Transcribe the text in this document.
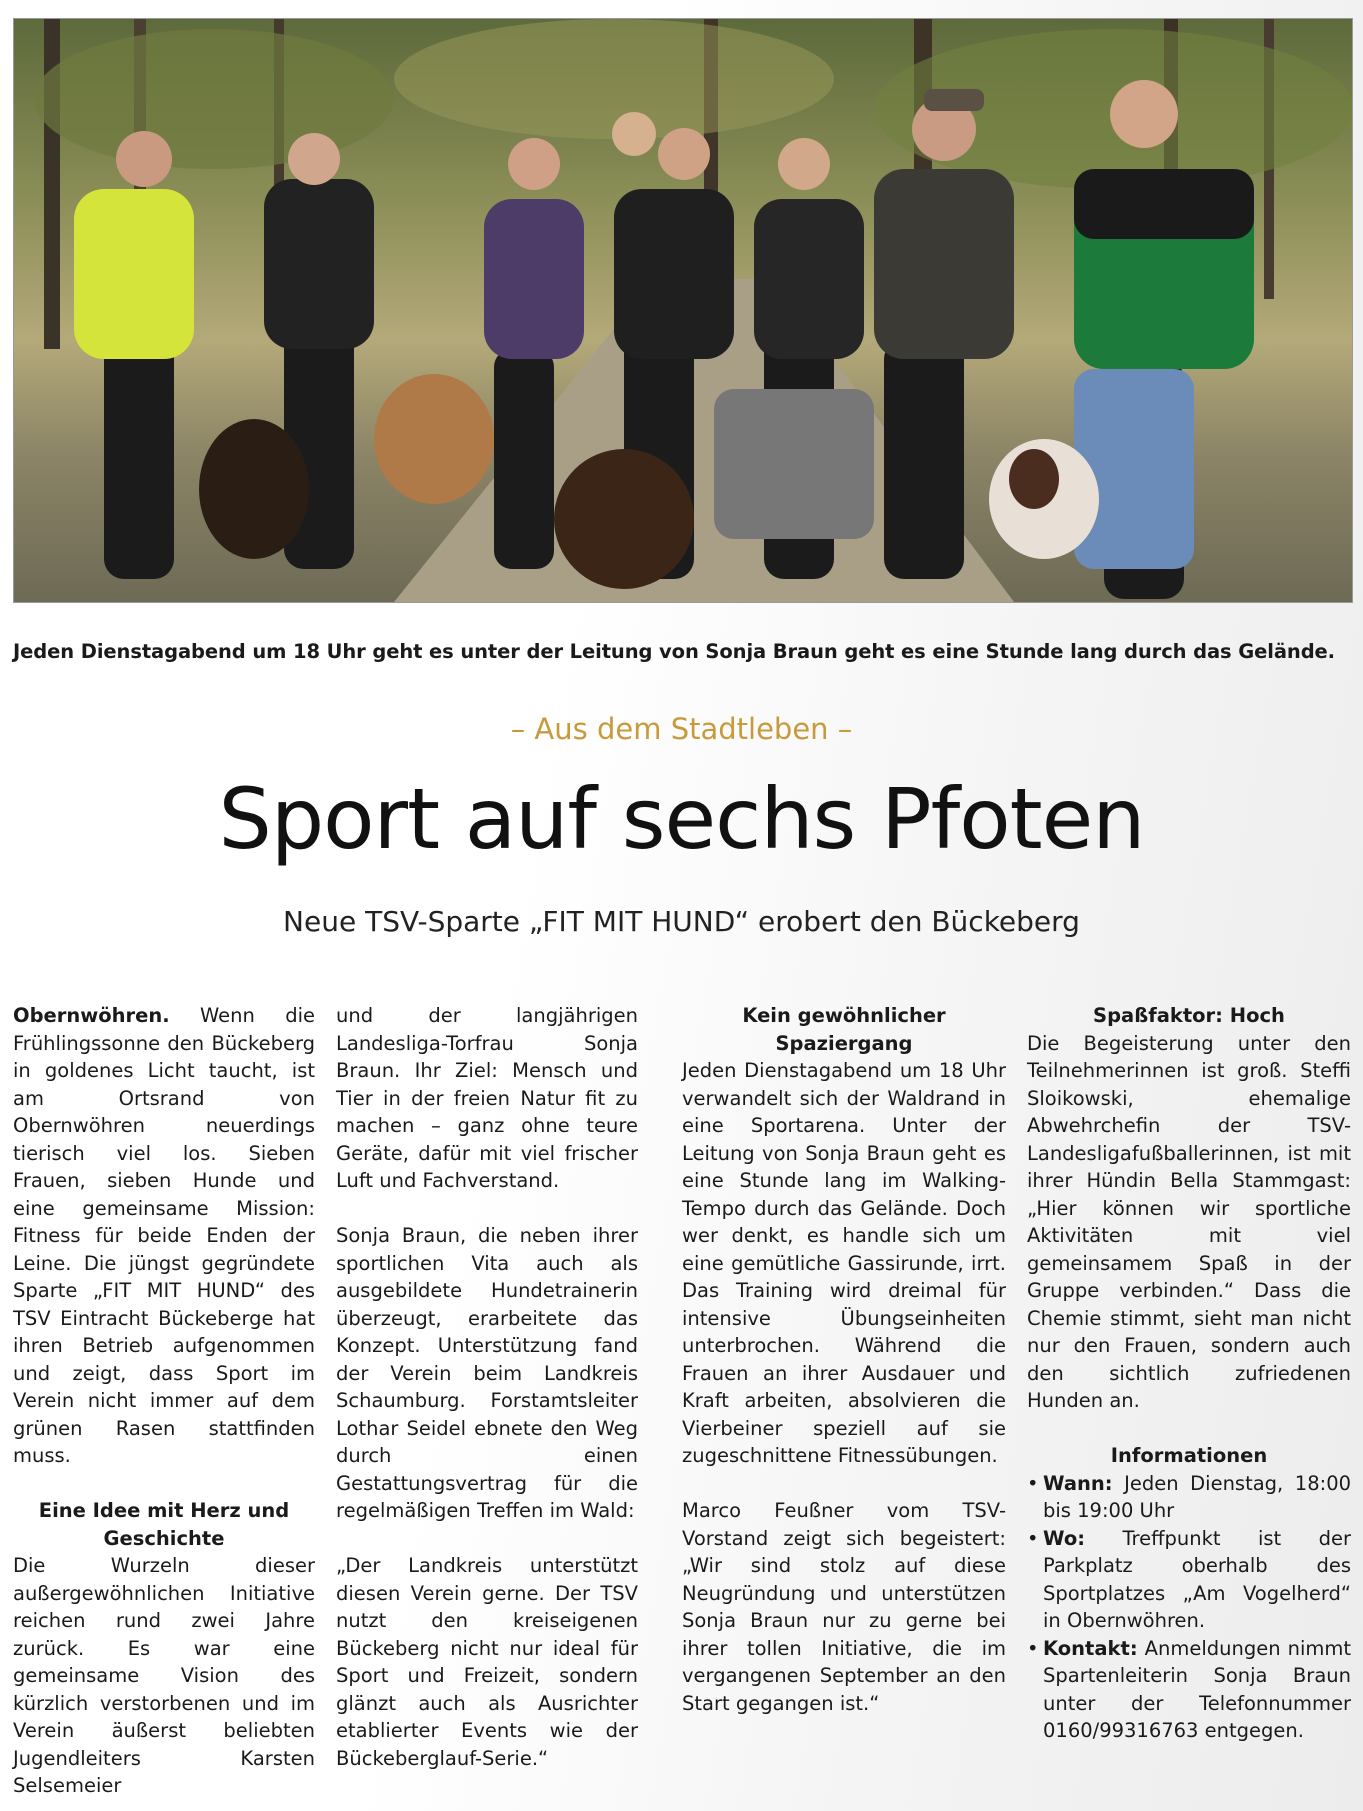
Jeden Dienstagabend um 18 Uhr geht es unter der Leitung von Sonja Braun geht es eine Stunde lang durch das Gelände.
– Aus dem Stadtleben –
Sport auf sechs Pfoten
Neue TSV-Sparte „FIT MIT HUND“ erobert den Bückeberg

Obernwöhren. Wenn die Frühlingssonne den Bückeberg in goldenes Licht taucht, ist am Ortsrand von Obernwöhren neuerdings tierisch viel los. Sieben Frauen, sieben Hunde und eine gemeinsame Mission: Fitness für beide Enden der Leine. Die jüngst gegründete Sparte „FIT MIT HUND“ des TSV Eintracht Bückeberge hat ihren Betrieb aufgenommen und zeigt, dass Sport im Verein nicht immer auf dem grünen Rasen stattfinden muss.

Eine Idee mit Herz und Geschichte

Die Wurzeln dieser außergewöhnlichen Initiative reichen rund zwei Jahre zurück. Es war eine gemeinsame Vision des kürzlich verstorbenen und im Verein äußerst beliebten Jugendleiters Karsten Selsemeier

und der langjährigen Landesliga-Torfrau Sonja Braun. Ihr Ziel: Mensch und Tier in der freien Natur fit zu machen – ganz ohne teure Geräte, dafür mit viel frischer Luft und Fachverstand.

Sonja Braun, die neben ihrer sportlichen Vita auch als ausgebildete Hundetrainerin überzeugt, erarbeitete das Konzept. Unterstützung fand der Verein beim Landkreis Schaumburg. Forstamtsleiter Lothar Seidel ebnete den Weg durch einen Gestattungsvertrag für die regelmäßigen Treffen im Wald:

„Der Landkreis unterstützt diesen Verein gerne. Der TSV nutzt den kreiseigenen Bückeberg nicht nur ideal für Sport und Freizeit, sondern glänzt auch als Ausrichter etablierter Events wie der Bückeberglauf-Serie.“

Kein gewöhnlicher Spaziergang

Jeden Dienstagabend um 18 Uhr verwandelt sich der Waldrand in eine Sportarena. Unter der Leitung von Sonja Braun geht es eine Stunde lang im Walking-Tempo durch das Gelände. Doch wer denkt, es handle sich um eine gemütliche Gassirunde, irrt. Das Training wird dreimal für intensive Übungseinheiten unterbrochen. Während die Frauen an ihrer Ausdauer und Kraft arbeiten, absolvieren die Vierbeiner speziell auf sie zugeschnittene Fitnessübungen.

Marco Feußner vom TSV-Vorstand zeigt sich begeistert: „Wir sind stolz auf diese Neugründung und unterstützen Sonja Braun nur zu gerne bei ihrer tollen Initiative, die im vergangenen September an den Start gegangen ist.“

Spaßfaktor: Hoch

Die Begeisterung unter den Teilnehmerinnen ist groß. Steffi Sloikowski, ehemalige Abwehrchefin der TSV-Landesligafußballerinnen, ist mit ihrer Hündin Bella Stammgast: „Hier können wir sportliche Aktivitäten mit viel gemeinsamem Spaß in der Gruppe verbinden.“ Dass die Chemie stimmt, sieht man nicht nur den Frauen, sondern auch den sichtlich zufriedenen Hunden an.

Informationen
• Wann: Jeden Dienstag, 18:00 bis 19:00 Uhr
• Wo: Treffpunkt ist der Parkplatz oberhalb des Sportplatzes „Am Vogelherd“ in Obernwöhren.
• Kontakt: Anmeldungen nimmt Spartenleiterin Sonja Braun unter der Telefonnummer 0160/99316763 entgegen.
